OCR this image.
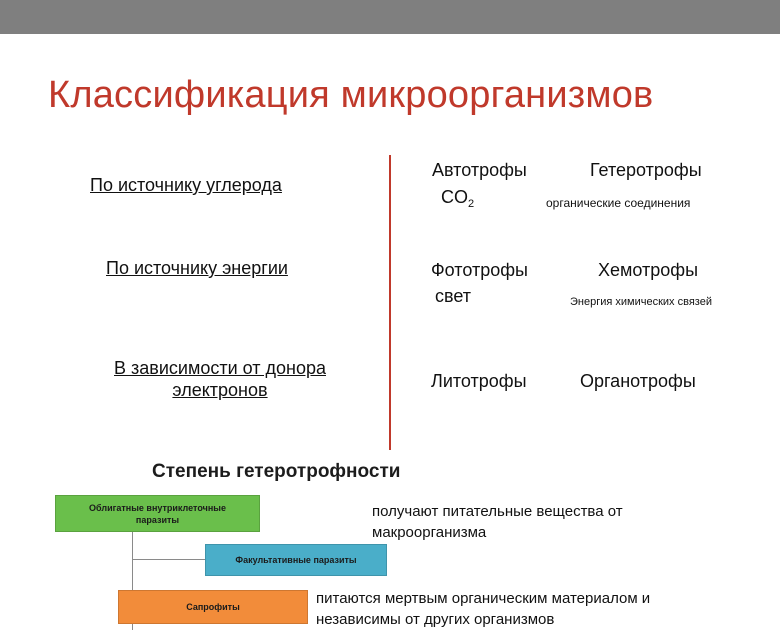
Классификация микроорганизмов
По источнику углерода
По источнику энергии
В зависимости от донора электронов
Автотрофы
$CO_2$
Гетеротрофы
органические соединения
Фототрофы
свет
Хемотрофы
Энергия химических связей
Литотрофы	Органотрофы
Степень гетеротрофности
Облигатные внутриклеточные паразиты
Факультативные паразиты
Сапрофиты
получают питательные вещества от макроорганизма
питаются мертвым органическим материалом и независимы от других организмов
